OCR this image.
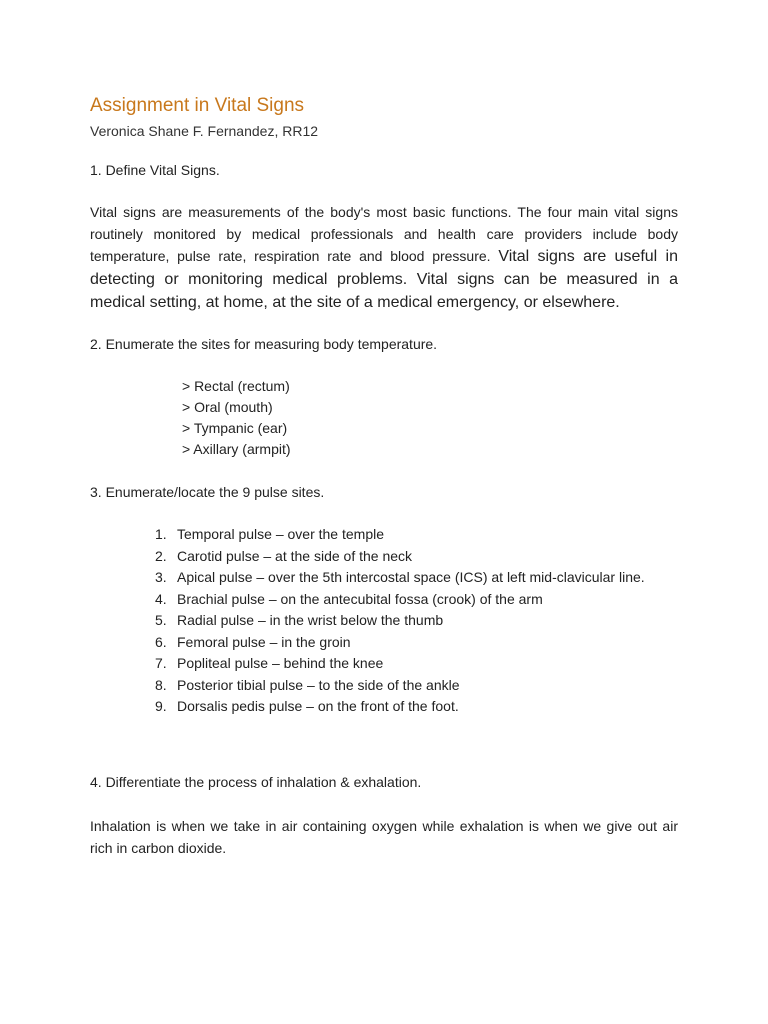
Assignment in Vital Signs

Veronica Shane F. Fernandez, RR12

1. Define Vital Signs.

Vital signs are measurements of the body's most basic functions. The four main vital signs routinely monitored by medical professionals and health care providers include body temperature, pulse rate, respiration rate and blood pressure. Vital signs are useful in detecting or monitoring medical problems. Vital signs can be measured in a medical setting, at home, at the site of a medical emergency, or elsewhere.

2. Enumerate the sites for measuring body temperature.

> Rectal (rectum)
> Oral (mouth)
> Tympanic (ear)
> Axillary (armpit)

3. Enumerate/locate the 9 pulse sites.

1. Temporal pulse – over the temple
2. Carotid pulse – at the side of the neck
3. Apical pulse – over the 5th intercostal space (ICS) at left mid-clavicular line.
4. Brachial pulse – on the antecubital fossa (crook) of the arm
5. Radial pulse – in the wrist below the thumb
6. Femoral pulse – in the groin
7. Popliteal pulse – behind the knee
8. Posterior tibial pulse – to the side of the ankle
9. Dorsalis pedis pulse – on the front of the foot.

4. Differentiate the process of inhalation & exhalation.

Inhalation is when we take in air containing oxygen while exhalation is when we give out air rich in carbon dioxide.
